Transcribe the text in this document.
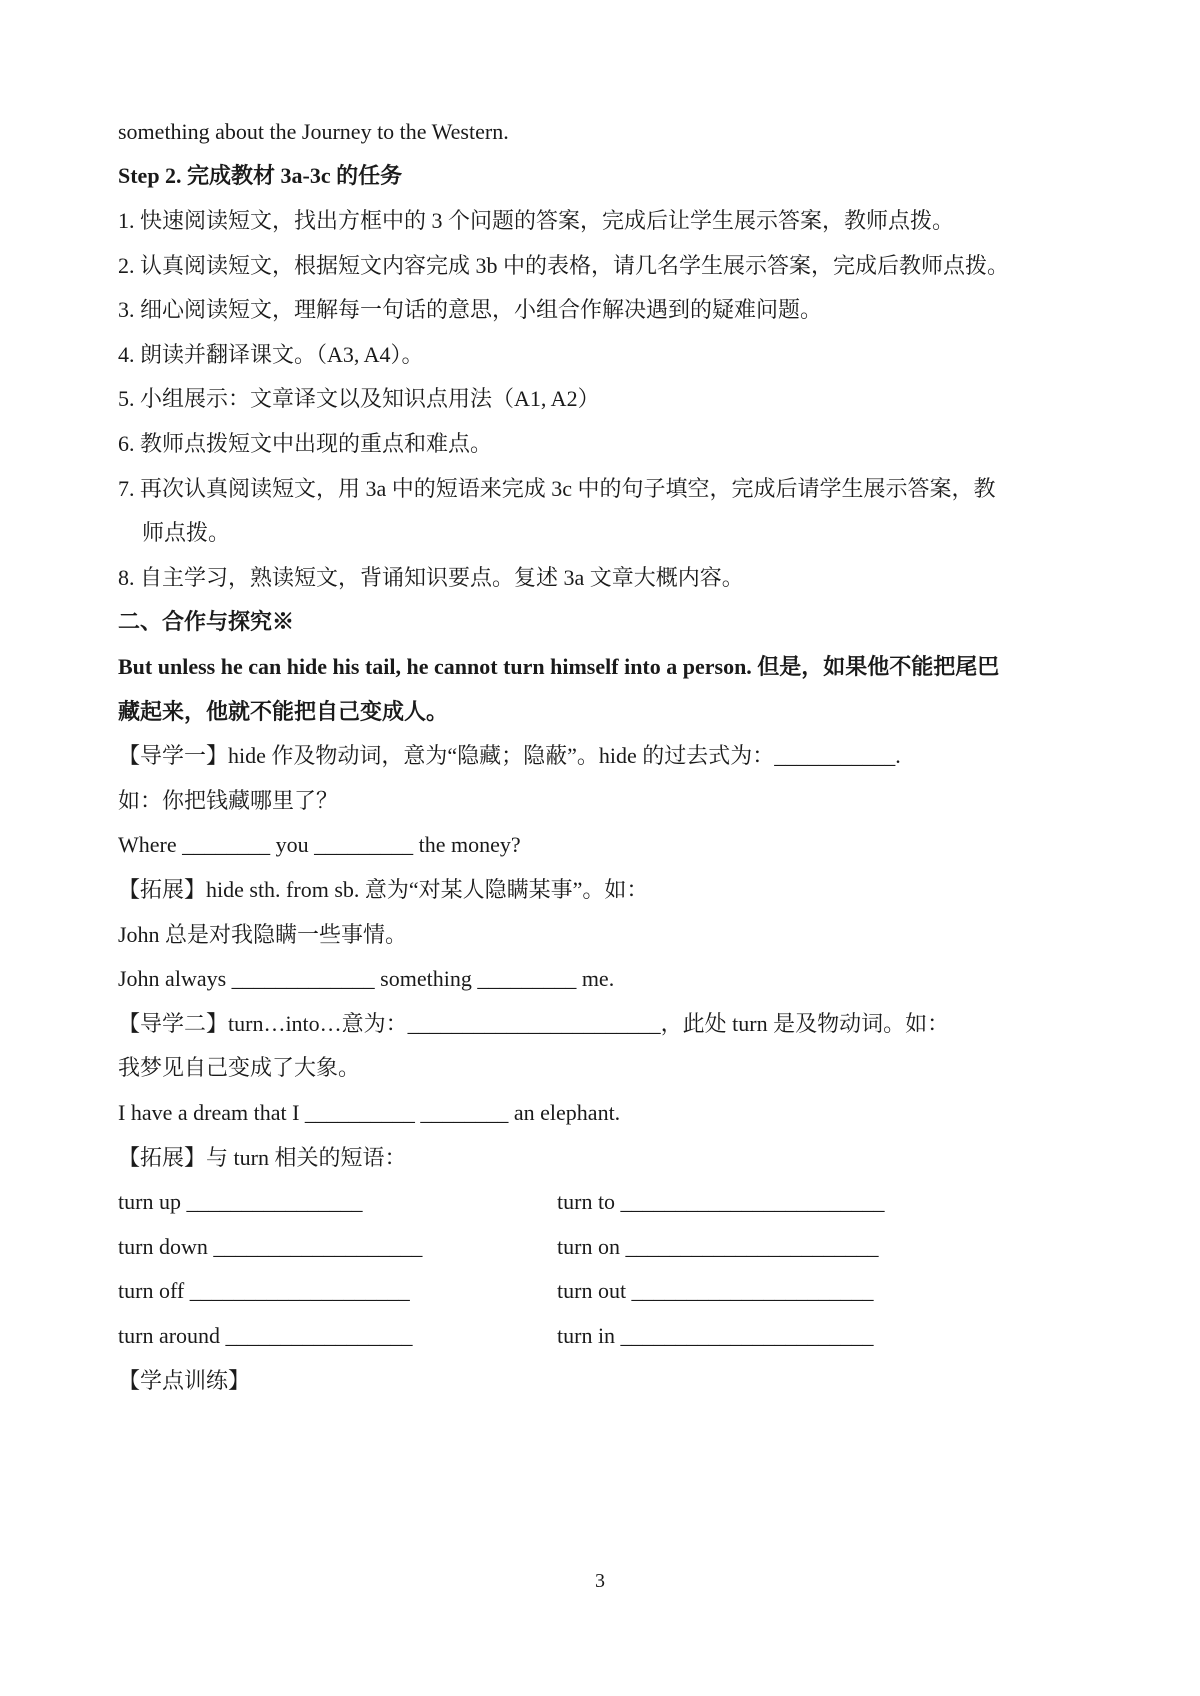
something about the Journey to the Western.
Step 2. 完成教材 3a-3c 的任务
1. 快速阅读短文，找出方框中的 3 个问题的答案，完成后让学生展示答案，教师点拨。
2. 认真阅读短文，根据短文内容完成 3b 中的表格，请几名学生展示答案，完成后教师点拨。
3. 细心阅读短文，理解每一句话的意思，小组合作解决遇到的疑难问题。
4. 朗读并翻译课文。（A3, A4）。
5. 小组展示：文章译文以及知识点用法（A1, A2）
6. 教师点拨短文中出现的重点和难点。
7. 再次认真阅读短文，用 3a 中的短语来完成 3c 中的句子填空，完成后请学生展示答案，教
师点拨。
8. 自主学习，熟读短文，背诵知识要点。复述 3a 文章大概内容。
二、合作与探究※
But unless he can hide his tail, he cannot turn himself into a person. 但是，如果他不能把尾巴
藏起来，他就不能把自己变成人。
【导学一】hide 作及物动词，意为“隐藏；隐蔽”。hide 的过去式为：___________.
如：你把钱藏哪里了？
Where ________ you _________ the money?
【拓展】hide sth. from sb. 意为“对某人隐瞒某事”。如：
John 总是对我隐瞒一些事情。
John always _____________ something _________ me.
【导学二】turn…into…意为：_______________________，此处 turn 是及物动词。如：
我梦见自己变成了大象。
I have a dream that I __________ ________ an elephant.
【拓展】与 turn 相关的短语：
turn up ________________	turn to ________________________
turn down ___________________	turn on _______________________
turn off ____________________	turn out ______________________
turn around _________________	turn in _______________________
【学点训练】
3
